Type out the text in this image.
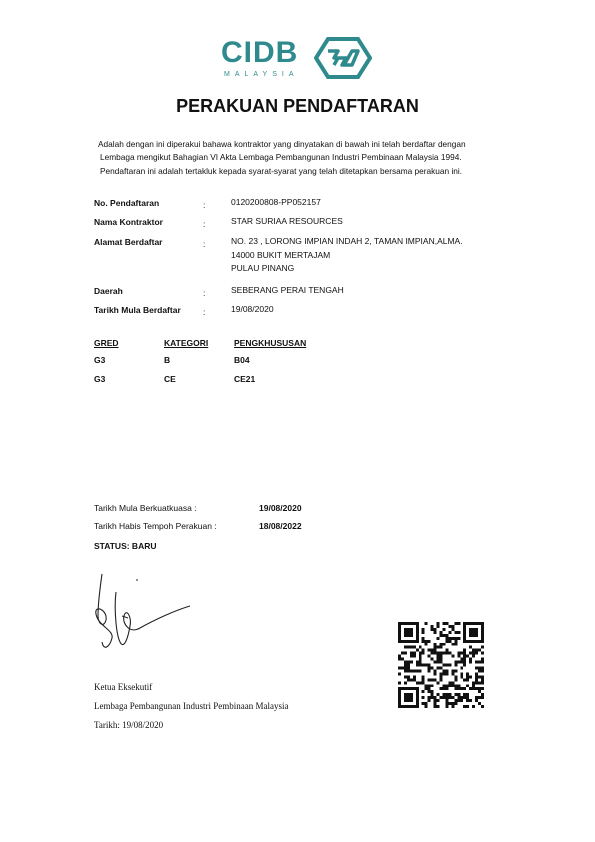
CIDB
MALAYSIA
PERAKUAN PENDAFTARAN
Adalah dengan ini diperakui bahawa kontraktor yang dinyatakan di bawah ini telah berdaftar dengan
Lembaga mengikut Bahagian VI Akta Lembaga Pembangunan Industri Pembinaan Malaysia 1994.
Pendaftaran ini adalah tertakluk kepada syarat-syarat yang telah ditetapkan bersama perakuan ini.
No. Pendaftaran	:	0120200808-PP052157
Nama Kontraktor	:	STAR SURIAA RESOURCES
Alamat Berdaftar	:	NO. 23 , LORONG IMPIAN INDAH 2, TAMAN IMPIAN,ALMA.
14000 BUKIT MERTAJAM
PULAU PINANG
Daerah	:	SEBERANG PERAI TENGAH
Tarikh Mula Berdaftar	:	19/08/2020
GRED	KATEGORI	PENGKHUSUSAN
G3	B	B04
G3	CE	CE21
Tarikh Mula Berkuatkuasa :	19/08/2020
Tarikh Habis Tempoh Perakuan :	18/08/2022
STATUS: BARU
Ketua Eksekutif
Lembaga Pembangunan Industri Pembinaan Malaysia
Tarikh: 19/08/2020
